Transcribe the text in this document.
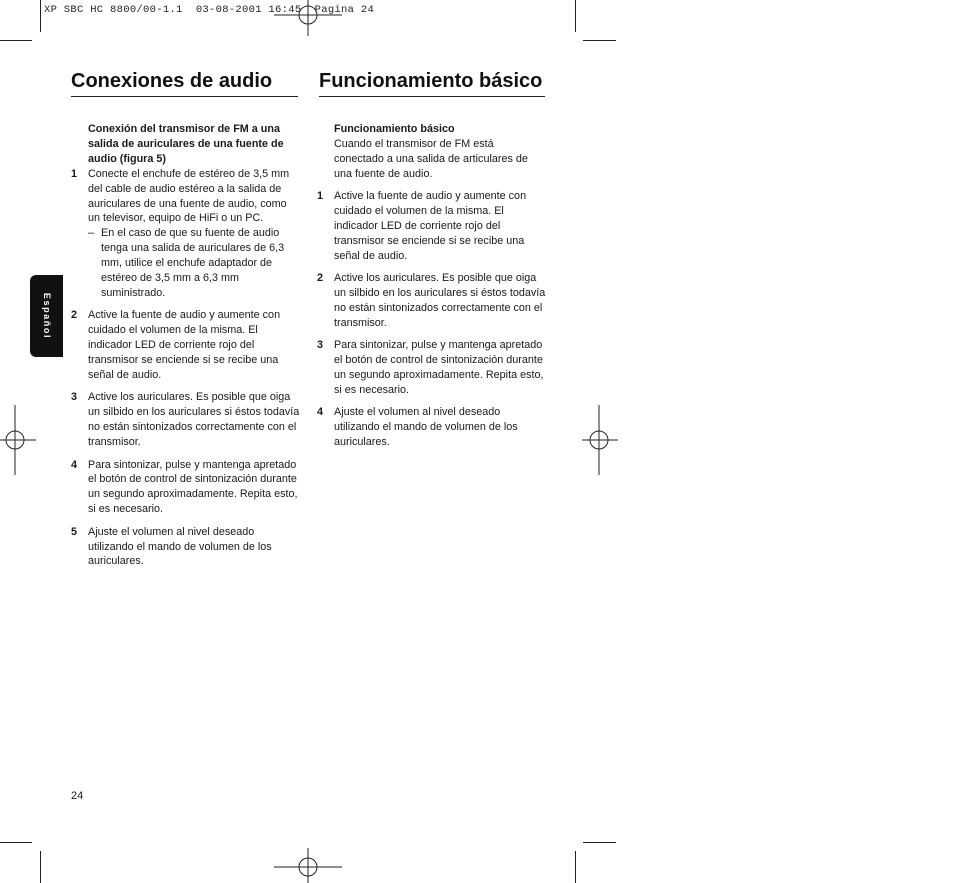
XP SBC HC 8800/00-1.1  03-08-2001 16:45  Pagina 24
Conexiones de audio Funcionamiento básico
Español
Conexión del transmisor de FM a una salida de auriculares de una fuente de audio (figura 5)
1 Conecte el enchufe de estéreo de 3,5 mm del cable de audio estéreo a la salida de auriculares de una fuente de audio, como un televisor, equipo de HiFi o un PC.
– En el caso de que su fuente de audio tenga una salida de auriculares de 6,3 mm, utilice el enchufe adaptador de estéreo de 3,5 mm a 6,3 mm suministrado.
2 Active la fuente de audio y aumente con cuidado el volumen de la misma. El indicador LED de corriente rojo del transmisor se enciende si se recibe una señal de audio.
3 Active los auriculares. Es posible que oiga un silbido en los auriculares si éstos todavía no están sintonizados correctamente con el transmisor.
4 Para sintonizar, pulse y mantenga apretado el botón de control de sintonización durante un segundo aproximadamente. Repita esto, si es necesario.
5 Ajuste el volumen al nivel deseado utilizando el mando de volumen de los auriculares.
Funcionamiento básico
Cuando el transmisor de FM está conectado a una salida de articulares de una fuente de audio.
1 Active la fuente de audio y aumente con cuidado el volumen de la misma. El indicador LED de corriente rojo del transmisor se enciende si se recibe una señal de audio.
2 Active los auriculares. Es posible que oiga un silbido en los auriculares si éstos todavía no están sintonizados correctamente con el transmisor.
3 Para sintonizar, pulse y mantenga apretado el botón de control de sintonización durante un segundo aproximadamente. Repita esto, si es necesario.
4 Ajuste el volumen al nivel deseado utilizando el mando de volumen de los auriculares.
24
